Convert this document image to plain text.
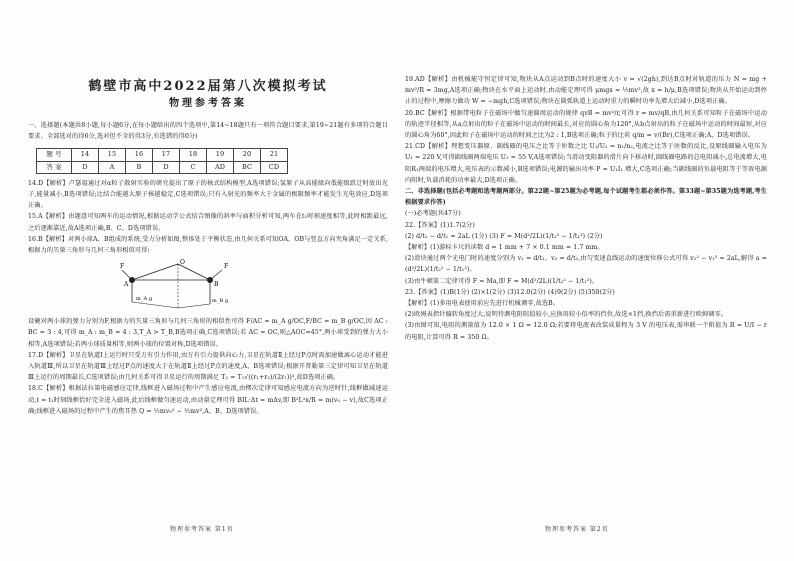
鹤壁市高中2022届第八次模拟考试
物理参考答案

一、选择题(本题共8小题,每小题6分,在每小题给出的四个选项中,第14~18题只有一项符合题目要求,第19~21题有多项符合题目要求。全部选对的得6分,选对但不全的得3分,有选错的得0分)

题 号	14	15	16	17	18	19	20	21
答 案	D	A	B	D	C	AD	BC	CD

14.D【解析】卢瑟福通过对α粒子散射实验的研究提出了原子的核式结构模型,A选项错误;氢原子从高能级向低能级跃迁时放出光子,能量减小,B选项错误;比结合能越大原子核越稳定,C选项错误;只有入射光的频率大于金属的极限频率才能发生光电效应,D选项正确。

15.A【解析】由题意可知两车的运动情况,根据运动学公式结合图像的斜率与面积分析可知,两车在t₁时刻速度相等,此时相距最远,之后逐渐靠近,故A选项正确,B、C、D选项错误。

16.B【解析】对两小球A、B组成的系统,受力分析如图,整体处于平衡状态,由几何关系可知OA、OB与竖直方向夹角满足一定关系,根据力的矢量三角形与几何三角形相似可得:

O
A	B
F	F
m_A g	m_B g

设碗对两小球的弹力分别为F,根据力的矢量三角形与几何三角形的相似性可得 F/AC = m_A g/OC,F/BC = m_B g/OC,因 AC : BC = 3 : 4,可得 m_A : m_B = 4 : 3,T_A > T_B,B选项正确,C选项错误;若 AC = OC,则△AOC=45°,两小球受到的弹力大小相等,A选项错误;若两小球质量相等,则两小球的位置对称,D选项错误。

17.D【解析】卫星在轨道Ⅰ上运行时只受万有引力作用,由万有引力提供向心力,卫星在轨道Ⅱ上经过P点时需加速做离心运动才能进入轨道Ⅲ,所以卫星在轨道Ⅲ上经过P点的速度大于在轨道Ⅱ上经过P点的速度,A、B选项错误;根据开普勒第三定律可知卫星在轨道Ⅲ上运行的周期最长,C选项错误;由几何关系可得卫星运行的周期满足 T₂ = T₁√((r₁+r₂)/(2r₁))³,故D选项正确。

18.C【解析】根据法拉第电磁感应定律,线框进入磁场过程中产生感应电流,由楞次定律可知感应电流方向为逆时针,线框做减速运动,t = t₁时刻线框恰好完全进入磁场,此后线框做匀速运动,由动量定理可得 BIL·Δt = mΔv,即 B²L²x/R = m(v₀ − v),故C选项正确;线框进入磁场的过程中产生的焦耳热 Q = ½mv₀² − ½mv²,A、B、D选项错误。

物理参考答案 第1页

19.AD【解析】由机械能守恒定律可知,物块从A点运动到B点时的速度大小 v = √(2gh),到达B点时对轨道的压力 N = mg + mv²/R = 3mg,A选项正确;物块在水平面上运动时,由动能定理可得 μmgx = ½mv²,故 x = h/μ,B选项错误;物块从开始运动到停止的过程中,摩擦力做功 W = −mgh,C选项错误;物块在圆弧轨道上运动时重力的瞬时功率先增大后减小,D选项正确。

20.BC【解析】根据带电粒子在磁场中做匀速圆周运动的规律 qvB = mv²/r,可得 r = mv/qB,由几何关系可知粒子在磁场中运动的轨迹半径相等,从a点射出的粒子在磁场中运动的时间最长,对应的圆心角为120°,从b点射出的粒子在磁场中运动的时间最短,对应的圆心角为60°,因此粒子在磁场中运动的时间之比为2 : 1,B选项正确;粒子的比荷 q/m = v/(Br),C选项正确;A、D选项错误。

21.CD【解析】理想变压器原、副线圈的电压之比等于匝数之比 U₁/U₂ = n₁/n₂,电流之比等于匝数的反比,设原线圈输入电压为 U₁ = 220 V,可得副线圈两端电压 U₂ = 55 V,A选项错误;当滑动变阻器的滑片向下移动时,副线圈电路的总电阻减小,总电流增大,电阻R₁两端的电压增大,电压表的示数减小,B选项错误;电源的输出功率 P = U₁I₁ 增大,C选项正确;当副线圈的负载电阻等于等效电源内阻时,负载消耗的功率最大,D选项正确。

二、非选择题(包括必考题和选考题两部分。第22题~第25题为必考题,每个试题考生都必须作答。第33题~第35题为选考题,考生根据要求作答)

(一)必考题(共47分)

22.【答案】(1)1.7(2分)

(2) d/t₂ − d/t₁ = 2aL (1分) (3) F = M(d²/2L)(1/t₂² − 1/t₁²) (2分)

【解析】(1)游标卡尺的读数 d = 1 mm + 7 × 0.1 mm = 1.7 mm。

(2)滑块通过两个光电门时的速度分别为 v₁ = d/t₁、v₂ = d/t₂,由匀变速直线运动的速度位移公式可得 v₂² − v₁² = 2aL,解得 a = (d²/2L)(1/t₂² − 1/t₁²)。

(3)由牛顿第二定律可得 F = Ma,即 F = M(d²/2L)(1/t₂² − 1/t₁²)。

23.【答案】(1)B(1分) (2)×1(2分) (3)12.0(2分) (4)9(2分) (5)350(2分)

【解析】(1)多用电表使用前应先进行机械调零,故选B。

(2)欧姆表指针偏转角度过大,说明待测电阻阻值较小,应换用较小倍率的挡位,故选×1挡,换挡后需重新进行欧姆调零。

(3)由图可知,电阻的测量值为 12.0 × 1 Ω = 12.0 Ω;若要将电流表改装成量程为 3 V 的电压表,需串联一个阻值为 R = U/I − r 的电阻,计算可得 R = 350 Ω。

物理参考答案 第2页
